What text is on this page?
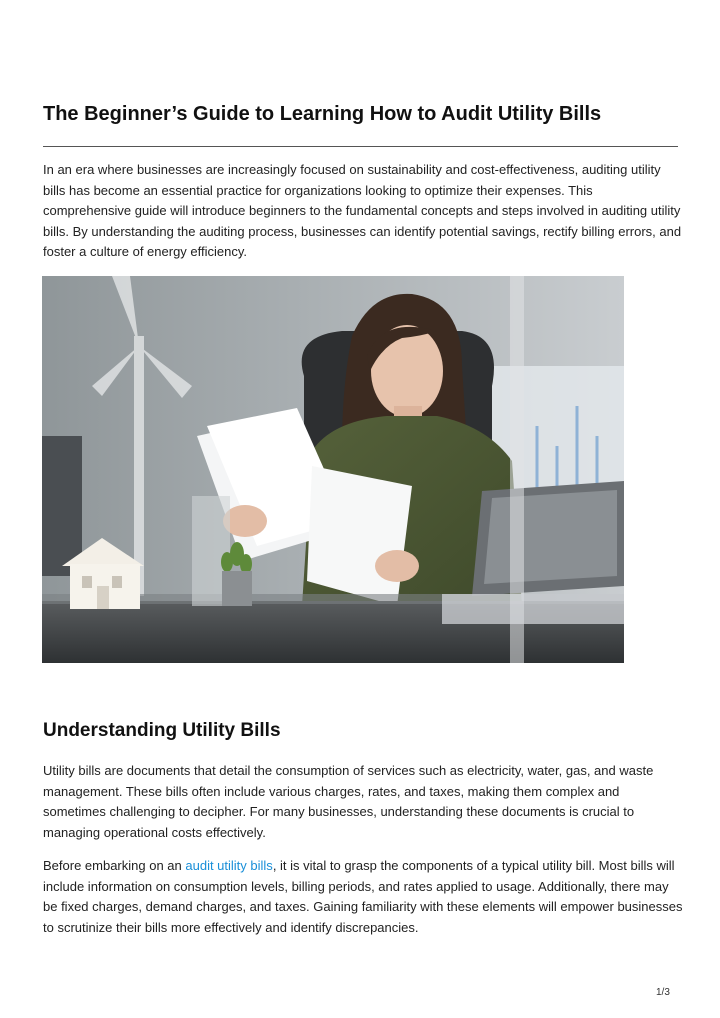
The Beginner’s Guide to Learning How to Audit Utility Bills

In an era where businesses are increasingly focused on sustainability and cost-effectiveness, auditing utility bills has become an essential practice for organizations looking to optimize their expenses. This comprehensive guide will introduce beginners to the fundamental concepts and steps involved in auditing utility bills. By understanding the auditing process, businesses can identify potential savings, rectify billing errors, and foster a culture of energy efficiency.

Understanding Utility Bills

Utility bills are documents that detail the consumption of services such as electricity, water, gas, and waste management. These bills often include various charges, rates, and taxes, making them complex and sometimes challenging to decipher. For many businesses, understanding these documents is crucial to managing operational costs effectively.

Before embarking on an audit utility bills, it is vital to grasp the components of a typical utility bill. Most bills will include information on consumption levels, billing periods, and rates applied to usage. Additionally, there may be fixed charges, demand charges, and taxes. Gaining familiarity with these elements will empower businesses to scrutinize their bills more effectively and identify discrepancies.

1/3
